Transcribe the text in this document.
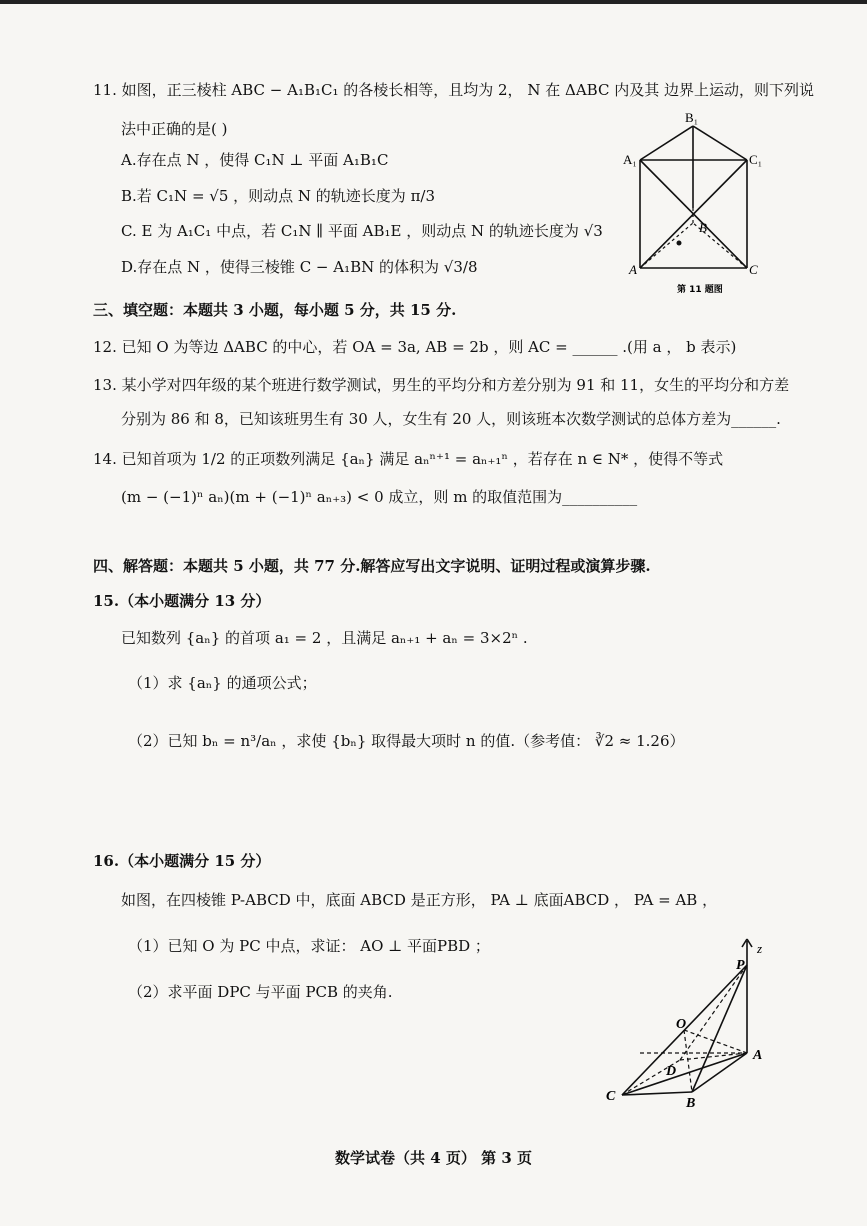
11. 如图，正三棱柱 ABC − A₁B₁C₁ 的各棱长相等，且均为 2， N 在 ΔABC 内及其 边界上运动，则下列说
法中正确的是( )
A.存在点 N ，使得 C₁N ⊥ 平面 A₁B₁C
B.若 C₁N = √5 ，则动点 N 的轨迹长度为 π/3
C. E 为 A₁C₁ 中点，若 C₁N ∥ 平面 AB₁E ，则动点 N 的轨迹长度为 √3
D.存在点 N ，使得三棱锥 C − A₁BN 的体积为 √3/8
B₁
A₁	C₁
A
B
C
第 11 题图
三、填空题：本题共 3 小题，每小题 5 分，共 15 分.
12. 已知 O 为等边 ΔABC 的中心，若 OA = 3a, AB = 2b ，则 AC = ______ .(用 a ， b 表示)
13. 某小学对四年级的某个班进行数学测试，男生的平均分和方差分别为 91 和 11，女生的平均分和方差
分别为 86 和 8，已知该班男生有 30 人，女生有 20 人，则该班本次数学测试的总体方差为______.
14. 已知首项为 1/2 的正项数列满足 {aₙ} 满足 aₙⁿ⁺¹ = aₙ₊₁ⁿ ，若存在 n ∈ N* ，使得不等式
(m − (−1)ⁿ aₙ)(m + (−1)ⁿ aₙ₊₃) < 0 成立，则 m 的取值范围为__________
四、解答题：本题共 5 小题，共 77 分.解答应写出文字说明、证明过程或演算步骤.
15.（本小题满分 13 分）
已知数列 {aₙ} 的首项 a₁ = 2 ，且满足 aₙ₊₁ + aₙ = 3×2ⁿ .
（1）求 {aₙ} 的通项公式；
（2）已知 bₙ = n³/aₙ ，求使 {bₙ} 取得最大项时 n 的值.（参考值： ∛2 ≈ 1.26）
16.（本小题满分 15 分）
如图，在四棱锥 P-ABCD 中，底面 ABCD 是正方形， PA ⊥ 底面ABCD ， PA = AB ，
（1）已知 O 为 PC 中点，求证： AO ⊥ 平面PBD ；
（2）求平面 DPC 与平面 PCB 的夹角.
z
P
O
A
D
C	B
数学试卷（共 4 页） 第 3 页
